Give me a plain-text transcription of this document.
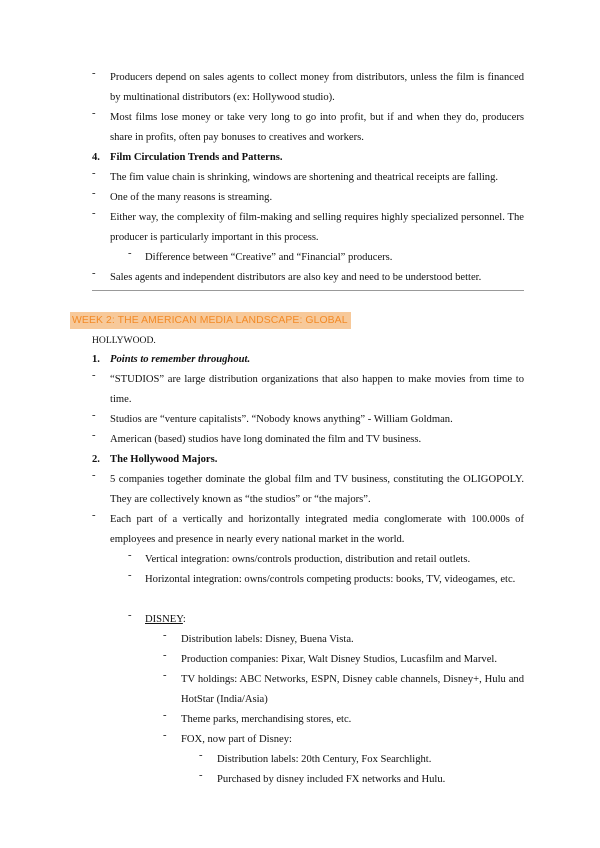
-	Producers depend on sales agents to collect money from distributors, unless the film is financed by multinational distributors (ex: Hollywood studio).
-	Most films lose money or take very long to go into profit, but if and when they do, producers share in profits, often pay bonuses to creatives and workers.
4. Film Circulation Trends and Patterns.
-	The fim value chain is shrinking, windows are shortening and theatrical receipts are falling.
-	One of the many reasons is streaming.
-	Either way, the complexity of film-making and selling requires highly specialized personnel. The producer is particularly important in this process.
-	Difference between “Creative” and “Financial” producers.
-	Sales agents and independent distributors are also key and need to be understood better.
WEEK 2: THE AMERICAN MEDIA LANDSCAPE: GLOBAL
HOLLYWOOD.
1. Points to remember throughout.
-	“STUDIOS” are large distribution organizations that also happen to make movies from time to time.
-	Studios are “venture capitalists”. “Nobody knows anything” - William Goldman.
-	American (based) studios have long dominated the film and TV business.
2. The Hollywood Majors.
-	5 companies together dominate the global film and TV business, constituting the OLIGOPOLY. They are collectively known as “the studios” or “the majors”.
-	Each part of a vertically and horizontally integrated media conglomerate with 100.000s of employees and presence in nearly every national market in the world.
-	Vertical integration: owns/controls production, distribution and retail outlets.
-	Horizontal integration: owns/controls competing products: books, TV, videogames, etc.
-	DISNEY:
-	Distribution labels: Disney, Buena Vista.
-	Production companies: Pixar, Walt Disney Studios, Lucasfilm and Marvel.
-	TV holdings: ABC Networks, ESPN, Disney cable channels, Disney+, Hulu and HotStar (India/Asia)
-	Theme parks, merchandising stores, etc.
-	FOX, now part of Disney:
-	Distribution labels: 20th Century, Fox Searchlight.
-	Purchased by disney included FX networks and Hulu.
